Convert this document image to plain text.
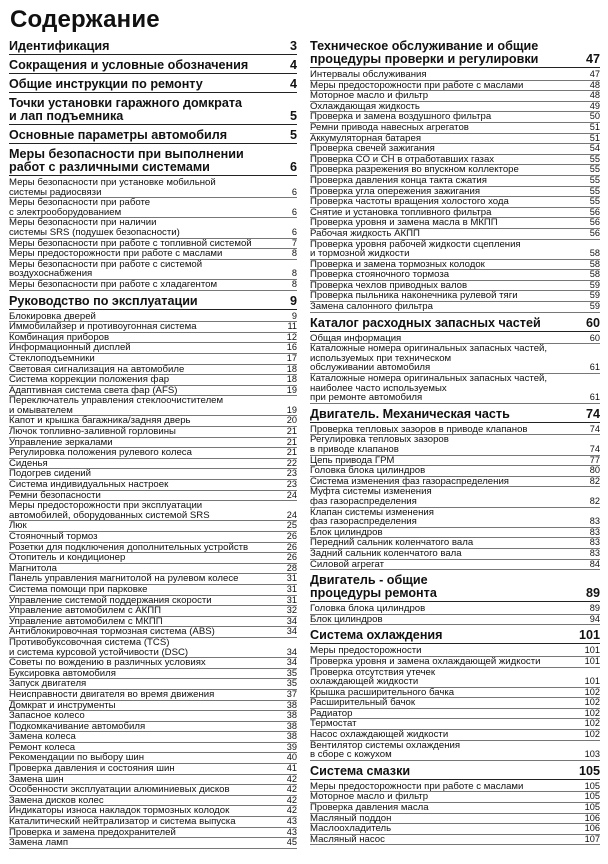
Содержание
Идентификация	3
Сокращения и условные обозначения	4
Общие инструкции по ремонту	4
Точки установки гаражного домкрата
и лап подъемника	5
Основные параметры автомобиля	5
Меры безопасности при выполнении
работ с различными системами	6
Меры безопасности при установке мобильной
системы радиосвязи	6
Меры безопасности при работе
с электрооборудованием	6
Меры безопасности при наличии
системы SRS (подушек безопасности)	6
Меры безопасности при работе с топливной системой	7
Меры предосторожности при работе с маслами	8
Меры безопасности при работе с системой
воздухоснабжения	8
Меры безопасности при работе с хладагентом	8
Руководство по эксплуатации	9
Блокировка дверей	9
Иммобилайзер и противоугонная система	11
Комбинация приборов	12
Информационный дисплей	16
Стеклоподъемники	17
Световая сигнализация на автомобиле	18
Система коррекции положения фар	18
Адаптивная система света фар (AFS)	19
Переключатель управления стеклоочистителем
и омывателем	19
Капот и крышка багажника/задняя дверь	20
Лючок топливно-заливной горловины	21
Управление зеркалами	21
Регулировка положения рулевого колеса	21
Сиденья	22
Подогрев сидений	23
Система индивидуальных настроек	23
Ремни безопасности	24
Меры предосторожности при эксплуатации
автомобилей, оборудованных системой SRS	24
Люк	25
Стояночный тормоз	26
Розетки для подключения дополнительных устройств	26
Отопитель и кондиционер	26
Магнитола	28
Панель управления магнитолой на рулевом колесе	31
Система помощи при парковке	31
Управление системой поддержания скорости	31
Управление автомобилем с АКПП	32
Управление автомобилем с МКПП	34
Антиблокировочная тормозная система (ABS)	34
Противобуксовочная система (TCS)
и система курсовой устойчивости (DSC)	34
Советы по вождению в различных условиях	34
Буксировка автомобиля	35
Запуск двигателя	35
Неисправности двигателя во время движения	37
Домкрат и инструменты	38
Запасное колесо	38
Подкомкачивание автомобиля	38
Замена колеса	38
Ремонт колеса	39
Рекомендации по выбору шин	40
Проверка давления и состояния шин	41
Замена шин	42
Особенности эксплуатации алюминиевых дисков	42
Замена дисков колес	42
Индикаторы износа накладок тормозных колодок	42
Каталитический нейтрализатор и система выпуска	43
Проверка и замена предохранителей	43
Замена ламп	45
Техническое обслуживание и общие
процедуры проверки и регулировки	47
Интервалы обслуживания	47
Меры предосторожности при работе с маслами	48
Моторное масло и фильтр	48
Охлаждающая жидкость	49
Проверка и замена воздушного фильтра	50
Ремни привода навесных агрегатов	51
Аккумуляторная батарея	51
Проверка свечей зажигания	54
Проверка CO и CH в отработавших газах	55
Проверка разрежения во впускном коллекторе	55
Проверка давления конца такта сжатия	55
Проверка угла опережения зажигания	55
Проверка частоты вращения холостого хода	55
Снятие и установка топливного фильтра	56
Проверка уровня и замена масла в МКПП	56
Рабочая жидкость АКПП	56
Проверка уровня рабочей жидкости сцепления
и тормозной жидкости	58
Проверка и замена тормозных колодок	58
Проверка стояночного тормоза	58
Проверка чехлов приводных валов	59
Проверка пыльника наконечника рулевой тяги	59
Замена салонного фильтра	59
Каталог расходных запасных частей	60
Общая информация	60
Каталожные номера оригинальных запасных частей,
используемых при техническом
обслуживании автомобиля	61
Каталожные номера оригинальных запасных частей,
наиболее часто используемых
при ремонте автомобиля	61
Двигатель. Механическая часть	74
Проверка тепловых зазоров в приводе клапанов	74
Регулировка тепловых зазоров
в приводе клапанов	74
Цепь привода ГРМ	77
Головка блока цилиндров	80
Система изменения фаз газораспределения	82
Муфта системы изменения
фаз газораспределения	82
Клапан системы изменения
фаз газораспределения	83
Блок цилиндров	83
Передний сальник коленчатого вала	83
Задний сальник коленчатого вала	83
Силовой агрегат	84
Двигатель - общие
процедуры ремонта	89
Головка блока цилиндров	89
Блок цилиндров	94
Система охлаждения	101
Меры предосторожности	101
Проверка уровня и замена охлаждающей жидкости	101
Проверка отсутствия утечек
охлаждающей жидкости	101
Крышка расширительного бачка	102
Расширительный бачок	102
Радиатор	102
Термостат	102
Насос охлаждающей жидкости	102
Вентилятор системы охлаждения
в сборе с кожухом	103
Система смазки	105
Меры предосторожности при работе с маслами	105
Моторное масло и фильтр	105
Проверка давления масла	105
Масляный поддон	106
Маслоохладитель	106
Масляный насос	107
